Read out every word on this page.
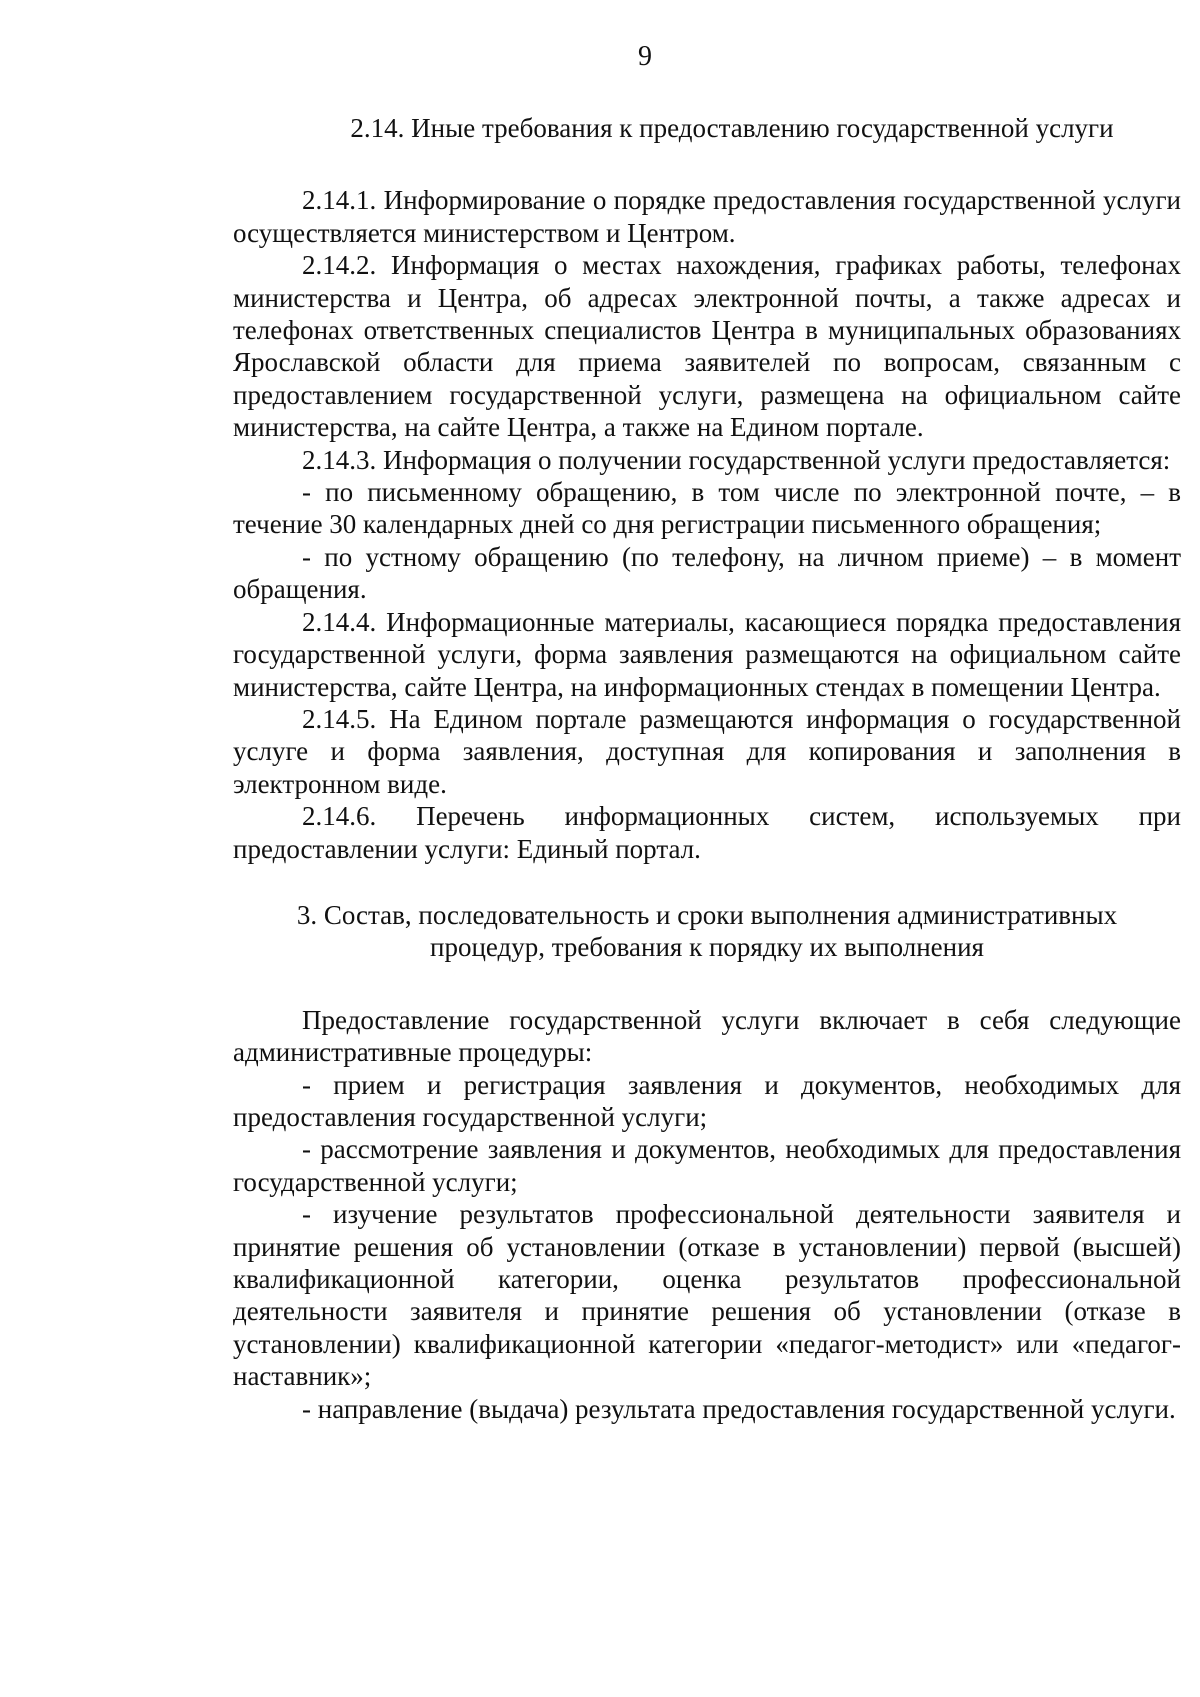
9
2.14. Иные требования к предоставлению государственной услуги

2.14.1. Информирование о порядке предоставления государственной услуги осуществляется министерством и Центром.

2.14.2. Информация о местах нахождения, графиках работы, телефонах министерства и Центра, об адресах электронной почты, а также адресах и телефонах ответственных специалистов Центра в муниципальных образованиях Ярославской области для приема заявителей по вопросам, связанным с предоставлением государственной услуги, размещена на официальном сайте министерства, на сайте Центра, а также на Едином портале.

2.14.3. Информация о получении государственной услуги предоставляется:

- по письменному обращению, в том числе по электронной почте, – в течение 30 календарных дней со дня регистрации письменного обращения;

- по устному обращению (по телефону, на личном приеме) – в момент обращения.

2.14.4. Информационные материалы, касающиеся порядка предоставления государственной услуги, форма заявления размещаются на официальном сайте министерства, сайте Центра, на информационных стендах в помещении Центра.

2.14.5. На Едином портале размещаются информация о государственной услуге и форма заявления, доступная для копирования и заполнения в электронном виде.

2.14.6. Перечень информационных систем, используемых при предоставлении услуги: Единый портал.

3. Состав, последовательность и сроки выполнения административных
процедур, требования к порядку их выполнения

Предоставление государственной услуги включает в себя следующие административные процедуры:

- прием и регистрация заявления и документов, необходимых для предоставления государственной услуги;

- рассмотрение заявления и документов, необходимых для предоставления государственной услуги;

- изучение результатов профессиональной деятельности заявителя и принятие решения об установлении (отказе в установлении) первой (высшей) квалификационной категории, оценка результатов профессиональной деятельности заявителя и принятие решения об установлении (отказе в установлении) квалификационной категории «педагог-методист» или «педагог-наставник»;

- направление (выдача) результата предоставления государственной услуги.
